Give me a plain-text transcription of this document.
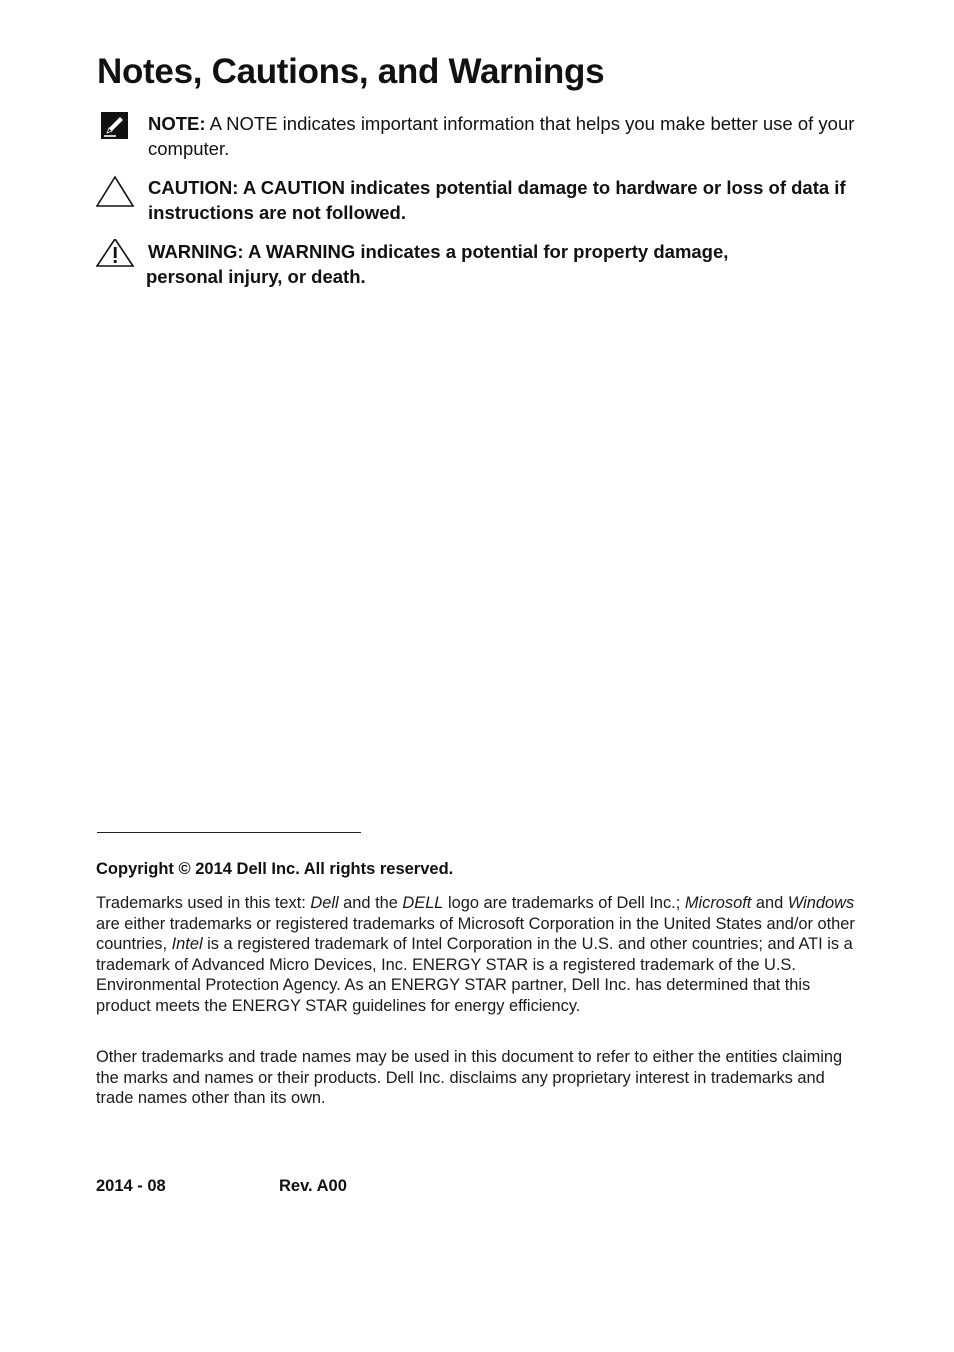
Notes, Cautions, and Warnings

NOTE: A NOTE indicates important information that helps you make better use of your computer.

CAUTION: A CAUTION indicates potential damage to hardware or loss of data if instructions are not followed.

WARNING: A WARNING indicates a potential for property damage,
personal injury, or death.

Copyright © 2014 Dell Inc. All rights reserved.

Trademarks used in this text: Dell and the DELL logo are trademarks of Dell Inc.; Microsoft and Windows are either trademarks or registered trademarks of Microsoft Corporation in the United States and/or other countries, Intel is a registered trademark of Intel Corporation in the U.S. and other countries; and ATI is a trademark of Advanced Micro Devices, Inc. ENERGY STAR is a registered trademark of the U.S. Environmental Protection Agency. As an ENERGY STAR partner, Dell Inc. has determined that this product meets the ENERGY STAR guidelines for energy efficiency.

Other trademarks and trade names may be used in this document to refer to either the entities claiming the marks and names or their products. Dell Inc. disclaims any proprietary interest in trademarks and trade names other than its own.

2014 - 08	Rev. A00
